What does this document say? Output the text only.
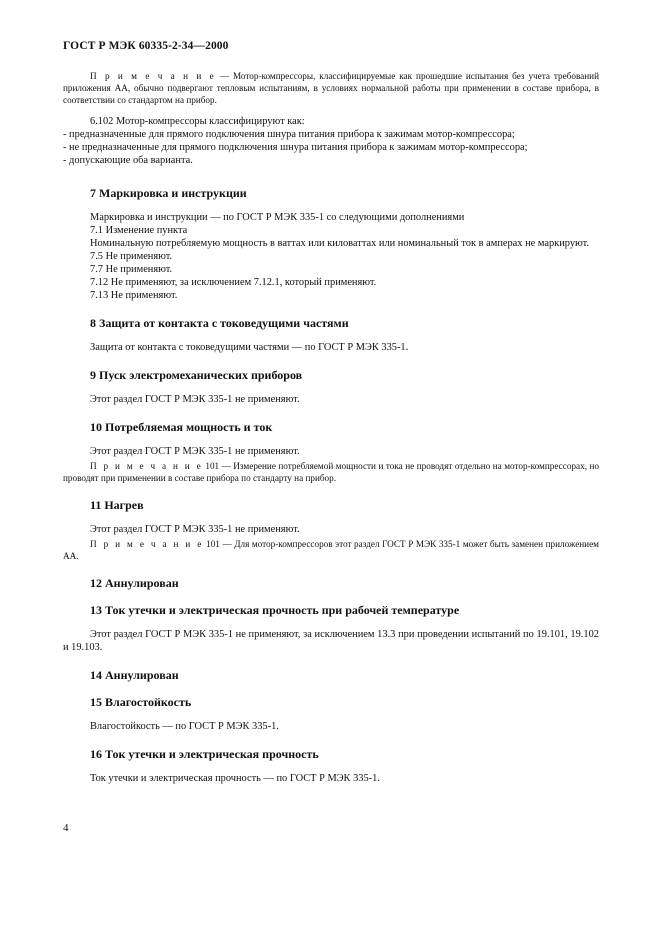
ГОСТ Р МЭК 60335-2-34—2000

П р и м е ч а н и е — Мотор-компрессоры, классифицируемые как прошедшие испытания без учета требований приложения АА, обычно подвергают тепловым испытаниям, в условиях нормальной работы при применении в составе прибора, в соответствии со стандартом на прибор.

6.102 Мотор-компрессоры классифицируют как:

- предназначенные для прямого подключения шнура питания прибора к зажимам мотор-компрессора;

- не предназначенные для прямого подключения шнура питания прибора к зажимам мотор-компрессора;

- допускающие оба варианта.

7 Маркировка и инструкции

Маркировка и инструкции — по ГОСТ Р МЭК 335-1 со следующими дополнениями

7.1 Изменение пункта

Номинальную потребляемую мощность в ваттах или киловаттах или номинальный ток в амперах не маркируют.

7.5 Не применяют.

7.7 Не применяют.

7.12 Не применяют, за исключением 7.12.1, который применяют.

7.13 Не применяют.

8 Защита от контакта с токоведущими частями

Защита от контакта с токоведущими частями — по ГОСТ Р МЭК 335-1.

9 Пуск электромеханических приборов

Этот раздел ГОСТ Р МЭК 335-1 не применяют.

10 Потребляемая мощность и ток

Этот раздел ГОСТ Р МЭК 335-1 не применяют.

П р и м е ч а н и е 101 — Измерение потребляемой мощности и тока не проводят отдельно на мотор-компрессорах, но проводят при применении в составе прибора по стандарту на прибор.

11 Нагрев

Этот раздел ГОСТ Р МЭК 335-1 не применяют.

П р и м е ч а н и е 101 — Для мотор-компрессоров этот раздел ГОСТ Р МЭК 335-1 может быть заменен приложением АА.

12 Аннулирован

13 Ток утечки и электрическая прочность при рабочей температуре

Этот раздел ГОСТ Р МЭК 335-1 не применяют, за исключением 13.3 при проведении испытаний по 19.101, 19.102 и 19.103.

14 Аннулирован

15 Влагостойкость

Влагостойкость — по ГОСТ Р МЭК 335-1.

16 Ток утечки и электрическая прочность

Ток утечки и электрическая прочность — по ГОСТ Р МЭК 335-1.

4
